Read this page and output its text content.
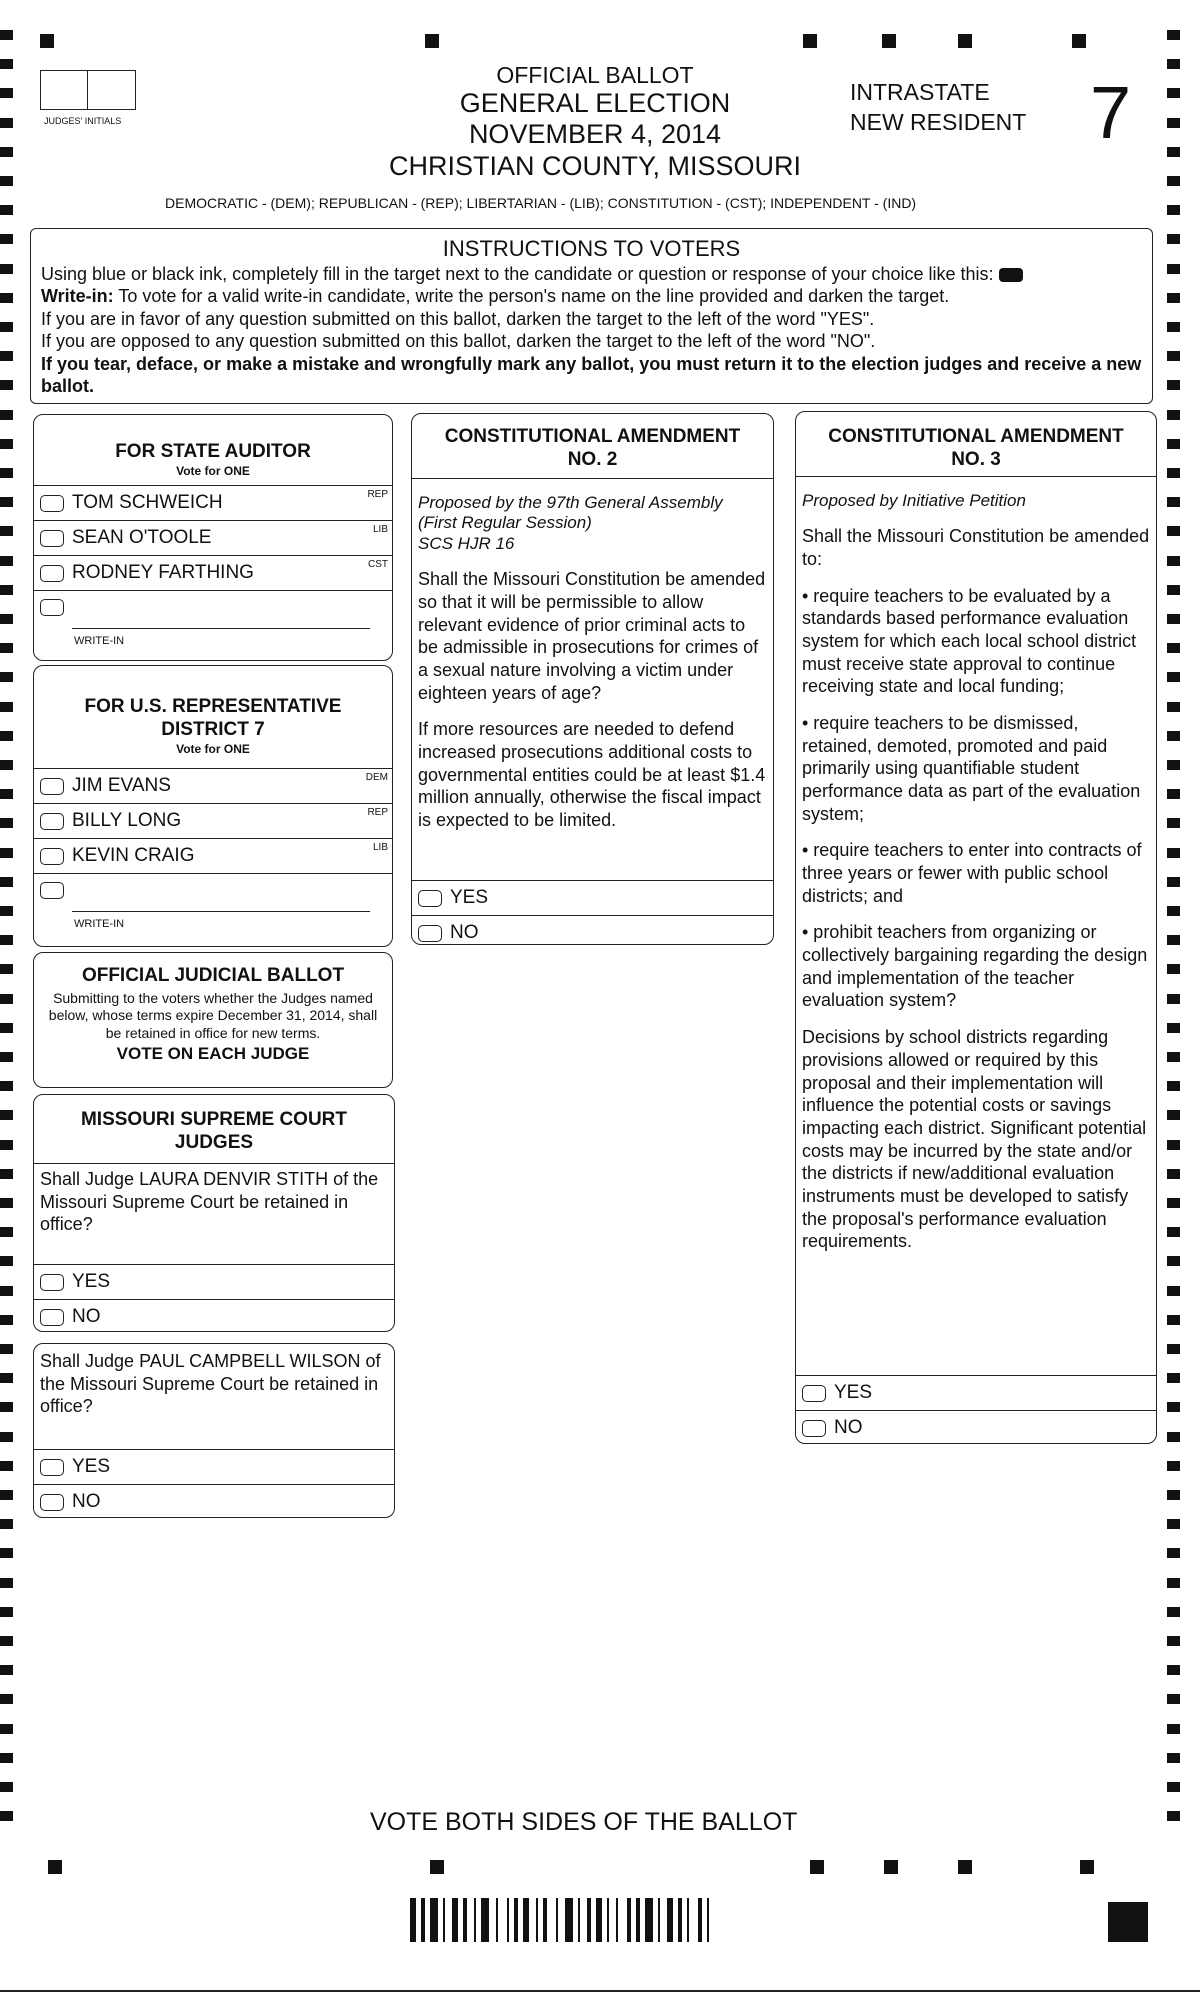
JUDGES' INITIALS
OFFICIAL BALLOT
GENERAL ELECTION
NOVEMBER 4, 2014
CHRISTIAN COUNTY, MISSOURI
INTRASTATE
NEW RESIDENT 7
DEMOCRATIC - (DEM); REPUBLICAN - (REP); LIBERTARIAN - (LIB); CONSTITUTION - (CST); INDEPENDENT - (IND)
INSTRUCTIONS TO VOTERS
Using blue or black ink, completely fill in the target next to the candidate or question or response of your choice like this:
Write-in: To vote for a valid write-in candidate, write the person's name on the line provided and darken the target.
If you are in favor of any question submitted on this ballot, darken the target to the left of the word "YES".
If you are opposed to any question submitted on this ballot, darken the target to the left of the word "NO".
If you tear, deface, or make a mistake and wrongfully mark any ballot, you must return it to the election judges and receive a new ballot.
FOR STATE AUDITOR
Vote for ONE
TOM SCHWEICH	REP
SEAN O'TOOLE	LIB
RODNEY FARTHING	CST
WRITE-IN
FOR U.S. REPRESENTATIVE
DISTRICT 7
Vote for ONE
JIM EVANS	DEM
BILLY LONG	REP
KEVIN CRAIG	LIB
WRITE-IN
OFFICIAL JUDICIAL BALLOT
Submitting to the voters whether the Judges named below, whose terms expire December 31, 2014, shall be retained in office for new terms.
VOTE ON EACH JUDGE
MISSOURI SUPREME COURT
JUDGES
Shall Judge LAURA DENVIR STITH of the Missouri Supreme Court be retained in office?
YES
NO
Shall Judge PAUL CAMPBELL WILSON of the Missouri Supreme Court be retained in office?
YES
NO
CONSTITUTIONAL AMENDMENT
NO. 2
Proposed by the 97th General Assembly
(First Regular Session)
SCS HJR 16
Shall the Missouri Constitution be amended so that it will be permissible to allow relevant evidence of prior criminal acts to be admissible in prosecutions for crimes of a sexual nature involving a victim under eighteen years of age?
If more resources are needed to defend increased prosecutions additional costs to governmental entities could be at least $1.4 million annually, otherwise the fiscal impact is expected to be limited.
YES
NO
CONSTITUTIONAL AMENDMENT
NO. 3
Proposed by Initiative Petition
Shall the Missouri Constitution be amended to:
• require teachers to be evaluated by a standards based performance evaluation system for which each local school district must receive state approval to continue receiving state and local funding;
• require teachers to be dismissed, retained, demoted, promoted and paid primarily using quantifiable student performance data as part of the evaluation system;
• require teachers to enter into contracts of three years or fewer with public school districts; and
• prohibit teachers from organizing or collectively bargaining regarding the design and implementation of the teacher evaluation system?
Decisions by school districts regarding provisions allowed or required by this proposal and their implementation will influence the potential costs or savings impacting each district. Significant potential costs may be incurred by the state and/or the districts if new/additional evaluation instruments must be developed to satisfy the proposal's performance evaluation requirements.
YES
NO
VOTE BOTH SIDES OF THE BALLOT
